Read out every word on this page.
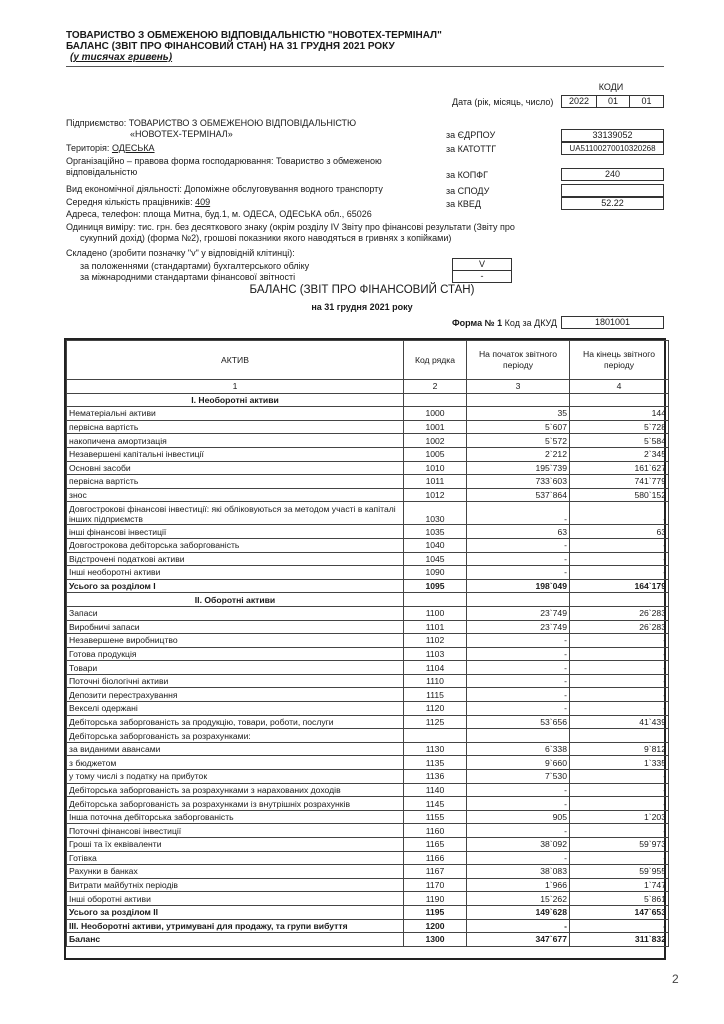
ТОВАРИСТВО З ОБМЕЖЕНОЮ ВІДПОВІДАЛЬНІСТЮ "НОВОТЕХ-ТЕРМІНАЛ"
БАЛАНС (ЗВІТ ПРО ФІНАНСОВИЙ СТАН) НА 31 ГРУДНЯ 2021 РОКУ
(у тисячах гривень)
КОДИ
Дата (рік, місяць, число)	2022	01	01
за ЄДРПОУ	33139052
за КАТОТТГ	UA51100270010320268
за КОПФГ	240
за СПОДУ
за КВЕД	52.22
Підприємство: ТОВАРИСТВО З ОБМЕЖЕНОЮ ВІДПОВІДАЛЬНІСТЮ
«НОВОТЕХ-ТЕРМІНАЛ»
Територія: ОДЕСЬКА
Організаційно – правова форма господарювання: Товариство з обмеженою
відповідальністю
Вид економічної діяльності: Допоміжне обслуговування водного транспорту
Середня кількість працівників: 409
Адреса, телефон: площа Митна, буд.1, м. ОДЕСА, ОДЕСЬКА обл., 65026
Одиниця виміру: тис. грн. без десяткового знаку (окрім розділу IV Звіту про фінансові результати (Звіту про
сукупний дохід) (форма №2), грошові показники якого наводяться в гривнях з копійками)
Складено (зробити позначку "v" у відповідній клітинці):
за положеннями (стандартами) бухгалтерського обліку	V
за міжнародними стандартами фінансової звітності	-
БАЛАНС (ЗВІТ ПРО ФІНАНСОВИЙ СТАН)
на 31 грудня 2021 року
Форма № 1 Код за ДКУД	1801001
АКТИВ	Код рядка	На початок звітного періоду	На кінець звітного періоду
1	2	3	4
І. Необоротні активи			
Нематеріальні активи	1000	35	144
первісна вартість	1001	5`607	5`728
накопичена амортизація	1002	5`572	5`584
Незавершені капітальні інвестиції	1005	2`212	2`345
Основні засоби	1010	195`739	161`627
первісна вартість	1011	733`603	741`779
знос	1012	537`864	580`152
Довгострокові фінансові інвестиції: які обліковуються за методом участі в капіталі інших підприємств	1030	-	-
інші фінансові інвестиції	1035	63	63
Довгострокова дебіторська заборгованість	1040	-	-
Відстрочені податкові активи	1045	-	-
Інші необоротні активи	1090	-	-
Усього за розділом І	1095	198`049	164`179
ІІ. Оборотні активи			
Запаси	1100	23`749	26`283
Виробничі запаси	1101	23`749	26`283
Незавершене виробництво	1102	-	-
Готова продукція	1103	-	-
Товари	1104	-	-
Поточні біологічні активи	1110	-	-
Депозити перестрахування	1115	-	-
Векселі одержані	1120	-	-
Дебіторська заборгованість за продукцію, товари, роботи, послуги	1125	53`656	41`439
Дебіторська заборгованість за розрахунками:			
за виданими авансами	1130	6`338	9`812
з бюджетом	1135	9`660	1`335
у тому числі з податку на прибуток	1136	7`530	-
Дебіторська заборгованість за розрахунками з нарахованих доходів	1140	-	-
Дебіторська заборгованість за розрахунками із внутрішніх розрахунків	1145	-	-
Інша поточна дебіторська заборгованість	1155	905	1`203
Поточні фінансові інвестиції	1160	-	-
Гроші та їх еквіваленти	1165	38`092	59`973
Готівка	1166	-	-
Рахунки в банках	1167	38`083	59`955
Витрати майбутніх періодів	1170	1`966	1`747
Інші оборотні активи	1190	15`262	5`861
Усього за розділом ІІ	1195	149`628	147`653
ІІІ. Необоротні активи, утримувані для продажу, та групи вибуття	1200	-	-
Баланс	1300	347`677	311`832
2
